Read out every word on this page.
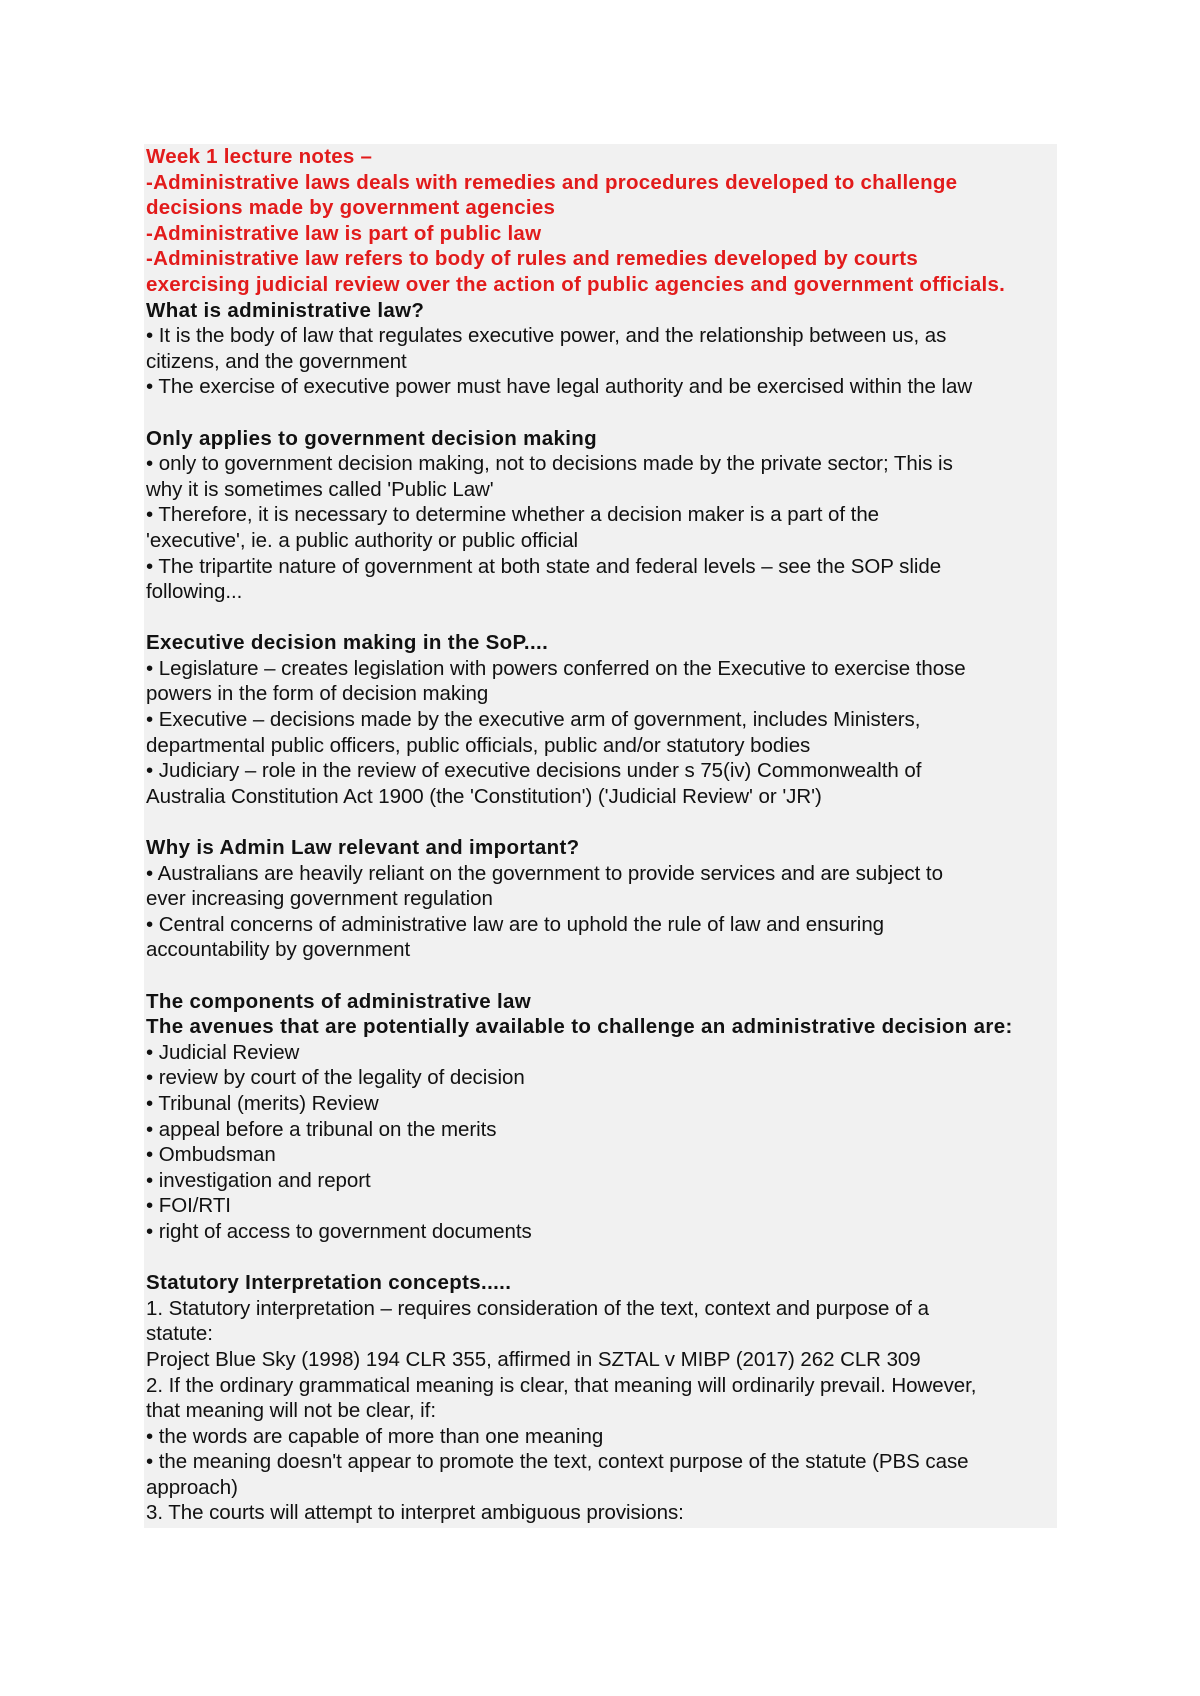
Week 1 lecture notes –
-Administrative laws deals with remedies and procedures developed to challenge
decisions made by government agencies
-Administrative law is part of public law
-Administrative law refers to body of rules and remedies developed by courts
exercising judicial review over the action of public agencies and government officials.
What is administrative law?
• It is the body of law that regulates executive power, and the relationship between us, as
citizens, and the government
• The exercise of executive power must have legal authority and be exercised within the law
Only applies to government decision making
• only to government decision making, not to decisions made by the private sector; This is
why it is sometimes called 'Public Law'
• Therefore, it is necessary to determine whether a decision maker is a part of the
'executive', ie. a public authority or public official
• The tripartite nature of government at both state and federal levels – see the SOP slide
following...
Executive decision making in the SoP....
• Legislature – creates legislation with powers conferred on the Executive to exercise those
powers in the form of decision making
• Executive – decisions made by the executive arm of government, includes Ministers,
departmental public officers, public officials, public and/or statutory bodies
• Judiciary – role in the review of executive decisions under s 75(iv) Commonwealth of
Australia Constitution Act 1900 (the 'Constitution') ('Judicial Review' or 'JR')
Why is Admin Law relevant and important?
• Australians are heavily reliant on the government to provide services and are subject to
ever increasing government regulation
• Central concerns of administrative law are to uphold the rule of law and ensuring
accountability by government
The components of administrative law
The avenues that are potentially available to challenge an administrative decision are:
• Judicial Review
• review by court of the legality of decision
• Tribunal (merits) Review
• appeal before a tribunal on the merits
• Ombudsman
• investigation and report
• FOI/RTI
• right of access to government documents
Statutory Interpretation concepts.....
1. Statutory interpretation – requires consideration of the text, context and purpose of a
statute:
Project Blue Sky (1998) 194 CLR 355, affirmed in SZTAL v MIBP (2017) 262 CLR 309
2. If the ordinary grammatical meaning is clear, that meaning will ordinarily prevail. However,
that meaning will not be clear, if:
• the words are capable of more than one meaning
• the meaning doesn't appear to promote the text, context purpose of the statute (PBS case
approach)
3. The courts will attempt to interpret ambiguous provisions:
